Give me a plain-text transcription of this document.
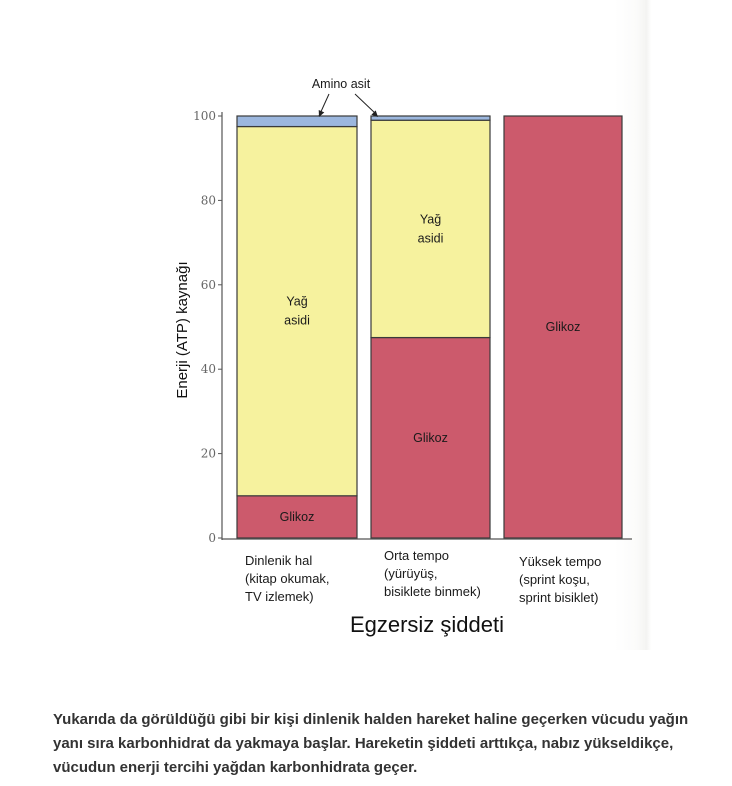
Glikoz
Glikoz
Glikoz
Yağ
asidi
Yağ
asidi
0
20
40
60
80
100
Enerji (ATP) kaynağı
Dinlenik hal
(kitap okumak,
TV izlemek)
Orta tempo
(yürüyüş,
bisiklete binmek)
Yüksek tempo
(sprint koşu,
sprint bisiklet)
Egzersiz şiddeti
Amino asit

Yukarıda da görüldüğü gibi bir kişi dinlenik halden hareket haline geçerken vücudu yağın yanı sıra karbonhidrat da yakmaya başlar. Hareketin şiddeti arttıkça, nabız yükseldikçe, vücudun enerji tercihi yağdan karbonhidrata geçer.
